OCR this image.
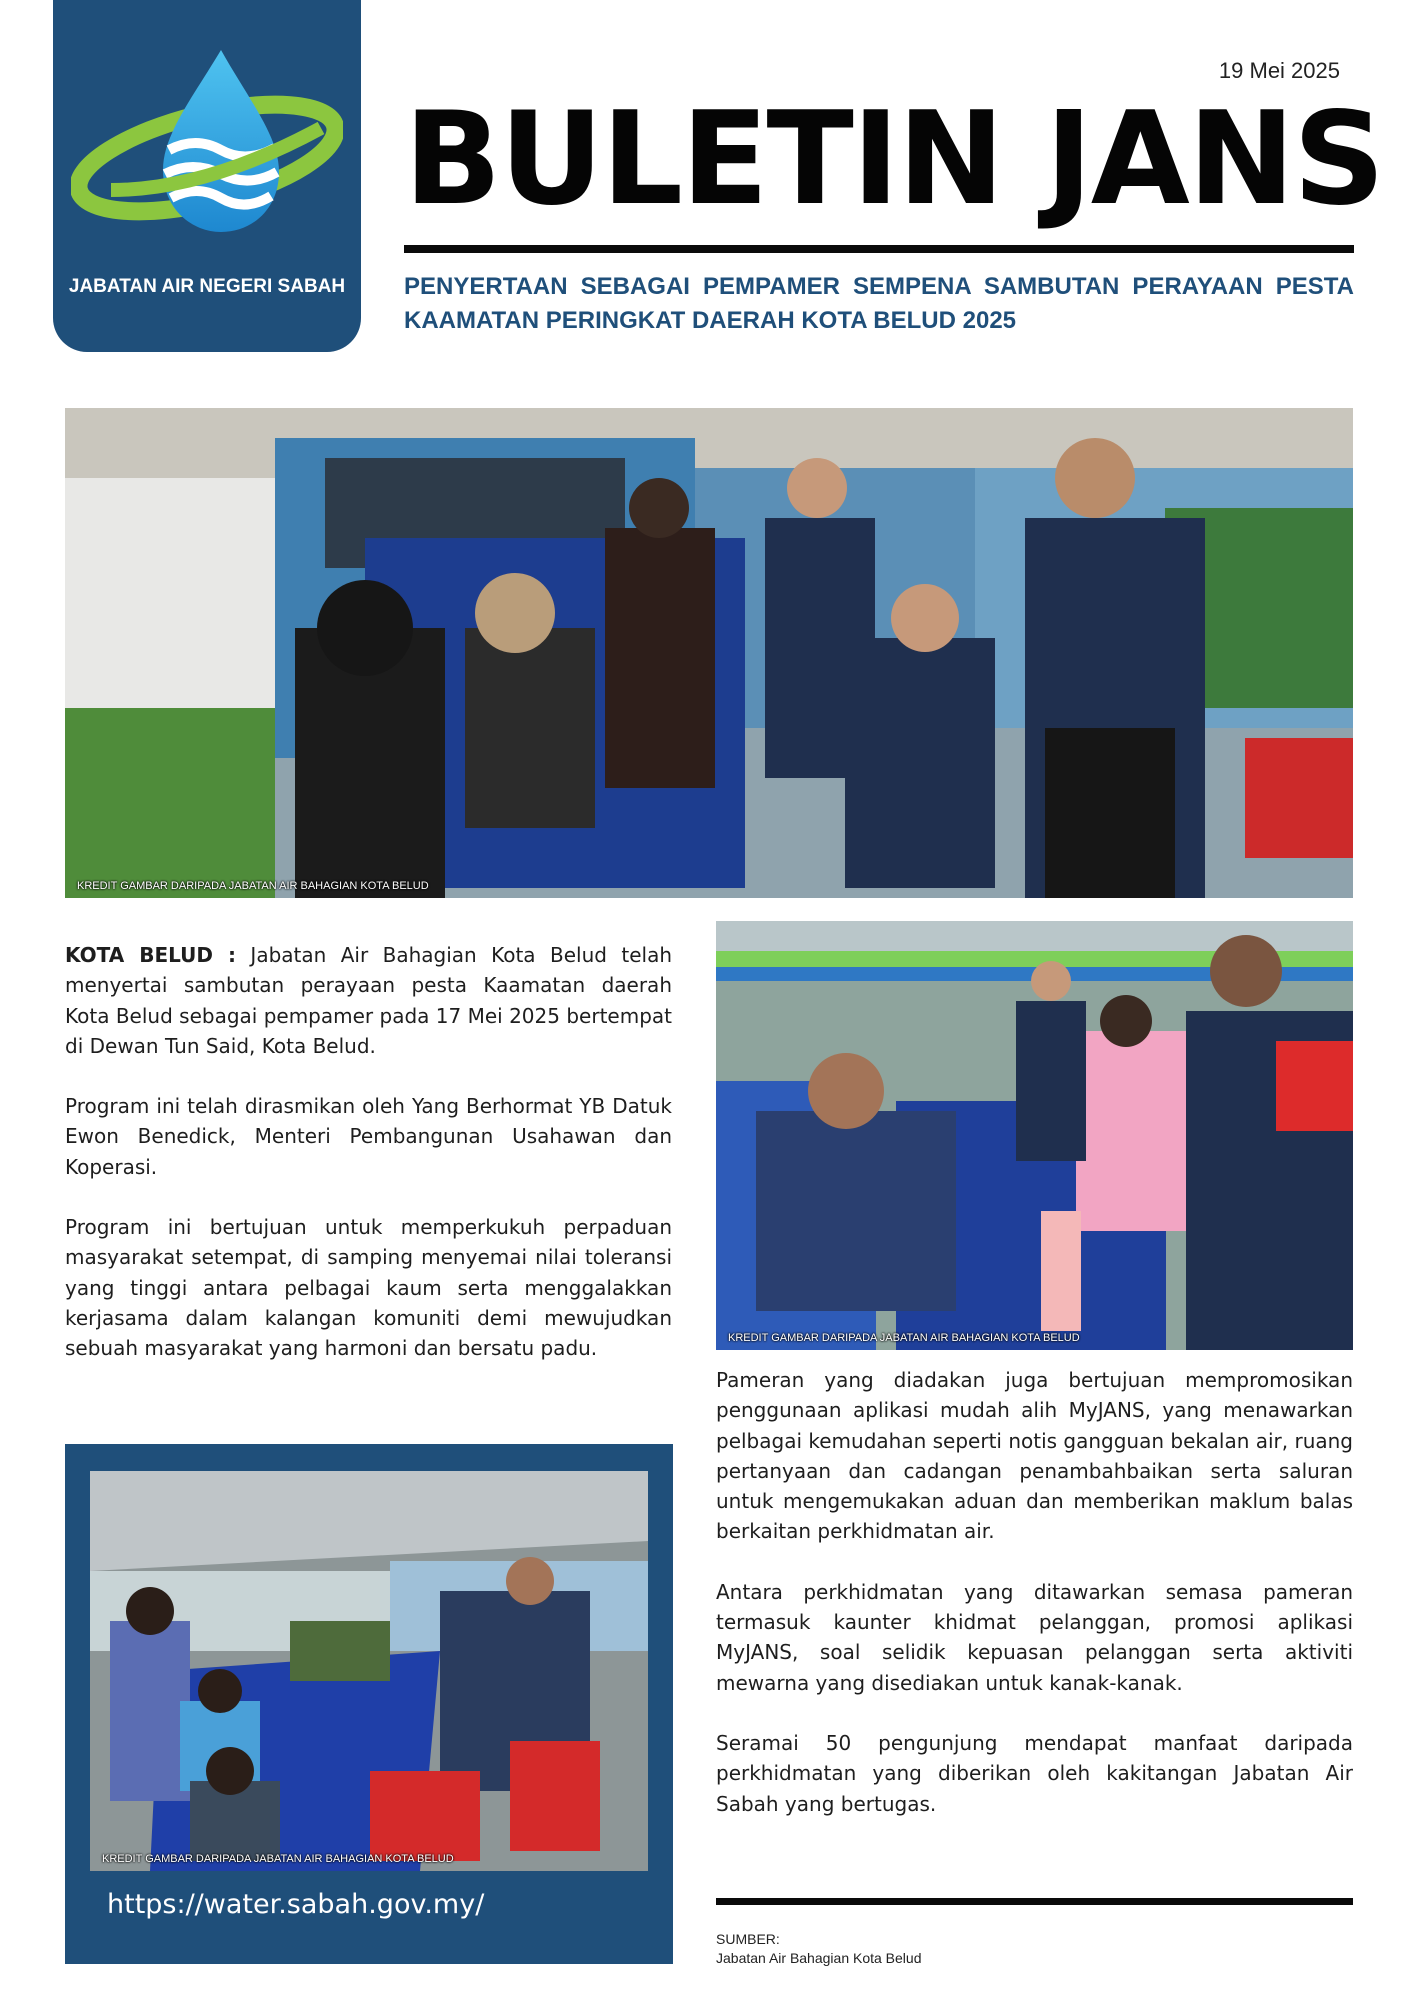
JABATAN AIR NEGERI SABAH
19 Mei 2025
BULETIN JANS
PENYERTAAN SEBAGAI PEMPAMER SEMPENA SAMBUTAN PERAYAAN PESTA KAAMATAN PERINGKAT DAERAH KOTA BELUD 2025
KREDIT GAMBAR DARIPADA JABATAN AIR BAHAGIAN KOTA BELUD
KREDIT GAMBAR DARIPADA JABATAN AIR BAHAGIAN KOTA BELUD

KOTA BELUD : Jabatan Air Bahagian Kota Belud telah menyertai sambutan perayaan pesta Kaamatan daerah Kota Belud sebagai pempamer pada 17 Mei 2025 bertempat di Dewan Tun Said, Kota Belud.

Program ini telah dirasmikan oleh Yang Berhormat YB Datuk Ewon Benedick, Menteri Pembangunan Usahawan dan Koperasi.

Program ini bertujuan untuk memperkukuh perpaduan masyarakat setempat, di samping menyemai nilai toleransi yang tinggi antara pelbagai kaum serta menggalakkan kerjasama dalam kalangan komuniti demi mewujudkan sebuah masyarakat yang harmoni dan bersatu padu.

KREDIT GAMBAR DARIPADA JABATAN AIR BAHAGIAN KOTA BELUD
https://water.sabah.gov.my/

Pameran yang diadakan juga bertujuan mempromosikan penggunaan aplikasi mudah alih MyJANS, yang menawarkan pelbagai kemudahan seperti notis gangguan bekalan air, ruang pertanyaan dan cadangan penambahbaikan serta saluran untuk mengemukakan aduan dan memberikan maklum balas berkaitan perkhidmatan air.

Antara perkhidmatan yang ditawarkan semasa pameran termasuk kaunter khidmat pelanggan, promosi aplikasi MyJANS, soal selidik kepuasan pelanggan serta aktiviti mewarna yang disediakan untuk kanak-kanak.

Seramai 50 pengunjung mendapat manfaat daripada perkhidmatan yang diberikan oleh kakitangan Jabatan Air Sabah yang bertugas.

SUMBER:
Jabatan Air Bahagian Kota Belud
